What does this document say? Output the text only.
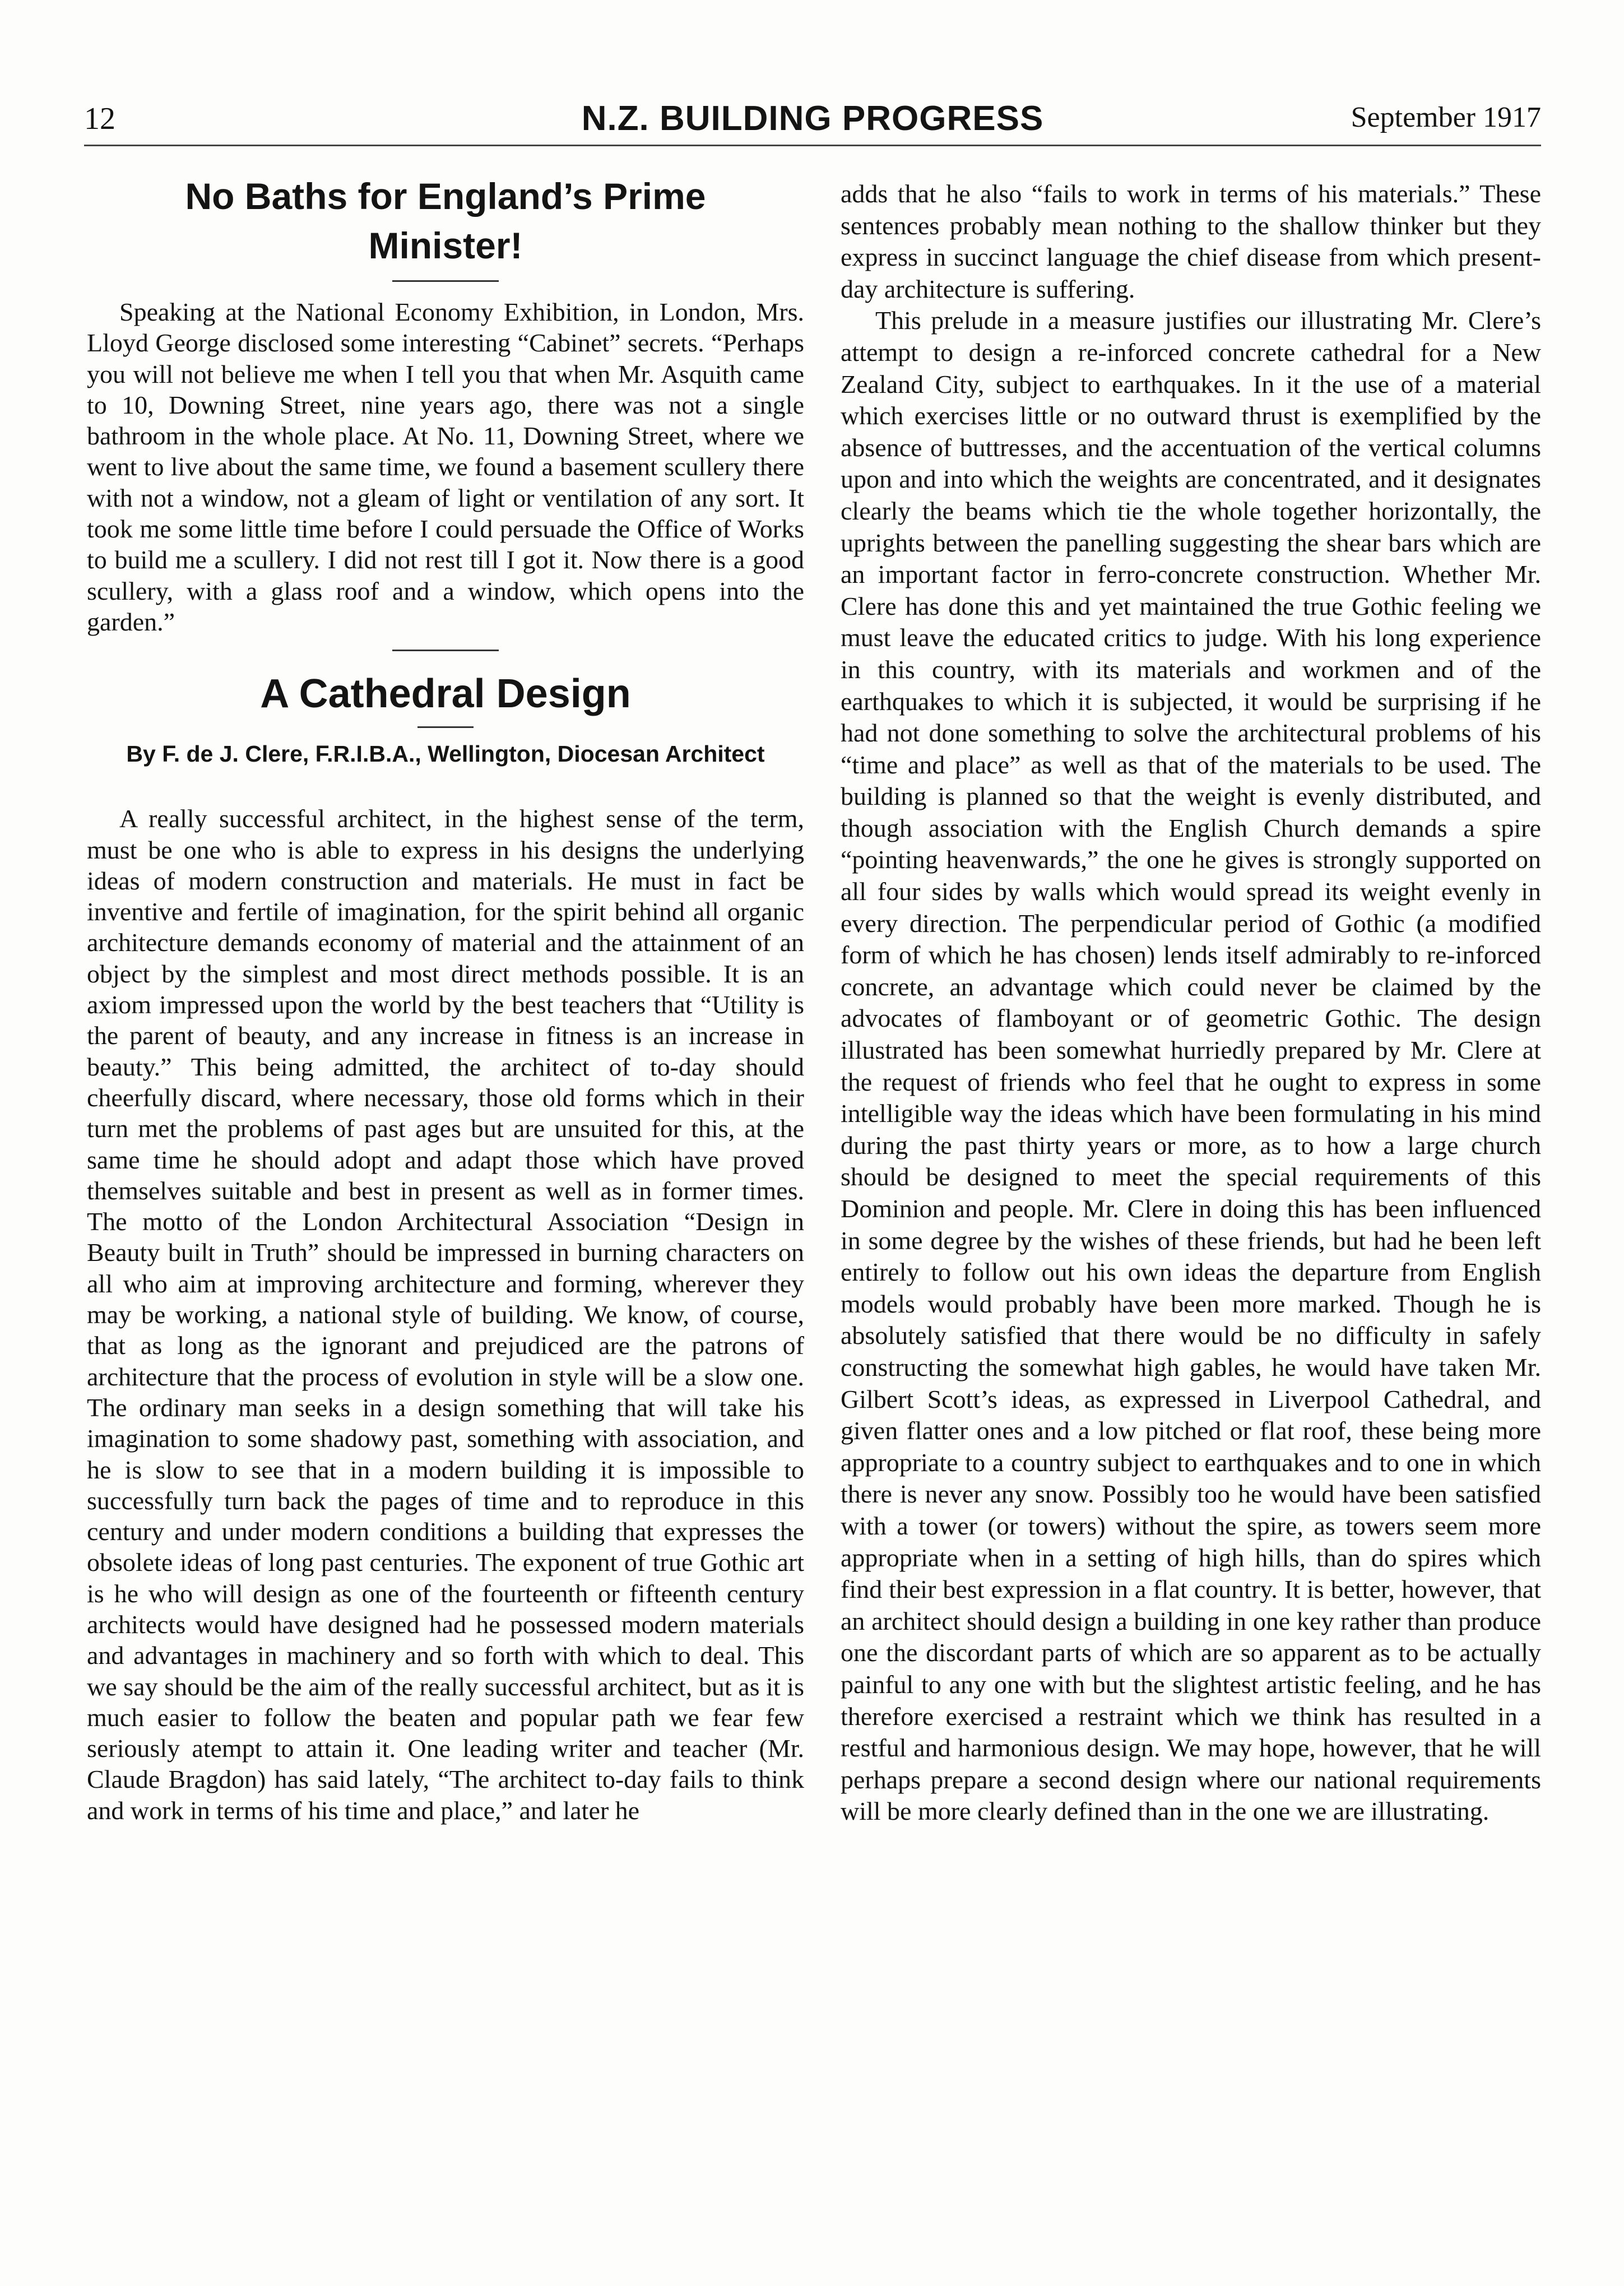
12	N.Z. BUILDING PROGRESS	September 1917
No Baths for England’s Prime Minister!

Speaking at the National Economy Exhibition, in London, Mrs. Lloyd George disclosed some interesting “Cabinet” secrets. “Perhaps you will not believe me when I tell you that when Mr. Asquith came to 10, Downing Street, nine years ago, there was not a single bathroom in the whole place. At No. 11, Downing Street, where we went to live about the same time, we found a basement scullery there with not a window, not a gleam of light or ventilation of any sort. It took me some little time before I could persuade the Office of Works to build me a scullery. I did not rest till I got it. Now there is a good scullery, with a glass roof and a window, which opens into the garden.”

A Cathedral Design
By F. de J. Clere, F.R.I.B.A., Wellington, Diocesan Architect

A really successful architect, in the highest sense of the term, must be one who is able to express in his designs the underlying ideas of modern construction and materials. He must in fact be inventive and fertile of imagination, for the spirit behind all organic architecture demands economy of material and the attainment of an object by the simplest and most direct methods possible. It is an axiom impressed upon the world by the best teachers that “Utility is the parent of beauty, and any increase in fitness is an increase in beauty.” This being admitted, the architect of to-day should cheerfully discard, where necessary, those old forms which in their turn met the problems of past ages but are unsuited for this, at the same time he should adopt and adapt those which have proved themselves suitable and best in present as well as in former times. The motto of the London Architectural Association “Design in Beauty built in Truth” should be impressed in burning characters on all who aim at improving architecture and forming, wherever they may be working, a national style of building. We know, of course, that as long as the ignorant and prejudiced are the patrons of architecture that the process of evolution in style will be a slow one. The ordinary man seeks in a design something that will take his imagination to some shadowy past, something with association, and he is slow to see that in a modern building it is impossible to successfully turn back the pages of time and to reproduce in this century and under modern conditions a building that expresses the obsolete ideas of long past centuries. The exponent of true Gothic art is he who will design as one of the fourteenth or fifteenth century architects would have designed had he possessed modern materials and advantages in machinery and so forth with which to deal. This we say should be the aim of the really successful architect, but as it is much easier to follow the beaten and popular path we fear few seriously atempt to attain it. One leading writer and teacher (Mr. Claude Bragdon) has said lately, “The architect to-day fails to think and work in terms of his time and place,” and later he

adds that he also “fails to work in terms of his materials.” These sentences probably mean nothing to the shallow thinker but they express in succinct language the chief disease from which present-day architecture is suffering.

This prelude in a measure justifies our illustrating Mr. Clere’s attempt to design a re-inforced concrete cathedral for a New Zealand City, subject to earthquakes. In it the use of a material which exercises little or no outward thrust is exemplified by the absence of buttresses, and the accentuation of the vertical columns upon and into which the weights are concentrated, and it designates clearly the beams which tie the whole together horizontally, the uprights between the panelling suggesting the shear bars which are an important factor in ferro-concrete construction. Whether Mr. Clere has done this and yet maintained the true Gothic feeling we must leave the educated critics to judge. With his long experience in this country, with its materials and workmen and of the earthquakes to which it is subjected, it would be surprising if he had not done something to solve the architectural problems of his “time and place” as well as that of the materials to be used. The building is planned so that the weight is evenly distributed, and though association with the English Church demands a spire “pointing heavenwards,” the one he gives is strongly supported on all four sides by walls which would spread its weight evenly in every direction. The perpendicular period of Gothic (a modified form of which he has chosen) lends itself admirably to re-inforced concrete, an advantage which could never be claimed by the advocates of flamboyant or of geometric Gothic. The design illustrated has been somewhat hurriedly prepared by Mr. Clere at the request of friends who feel that he ought to express in some intelligible way the ideas which have been formulating in his mind during the past thirty years or more, as to how a large church should be designed to meet the special requirements of this Dominion and people. Mr. Clere in doing this has been influenced in some degree by the wishes of these friends, but had he been left entirely to follow out his own ideas the departure from English models would probably have been more marked. Though he is absolutely satisfied that there would be no difficulty in safely constructing the somewhat high gables, he would have taken Mr. Gilbert Scott’s ideas, as expressed in Liverpool Cathedral, and given flatter ones and a low pitched or flat roof, these being more appropriate to a country subject to earthquakes and to one in which there is never any snow. Possibly too he would have been satisfied with a tower (or towers) without the spire, as towers seem more appropriate when in a setting of high hills, than do spires which find their best expression in a flat country. It is better, however, that an architect should design a building in one key rather than produce one the discordant parts of which are so apparent as to be actually painful to any one with but the slightest artistic feeling, and he has therefore exercised a restraint which we think has resulted in a restful and harmonious design. We may hope, however, that he will perhaps prepare a second design where our national requirements will be more clearly defined than in the one we are illustrating.
